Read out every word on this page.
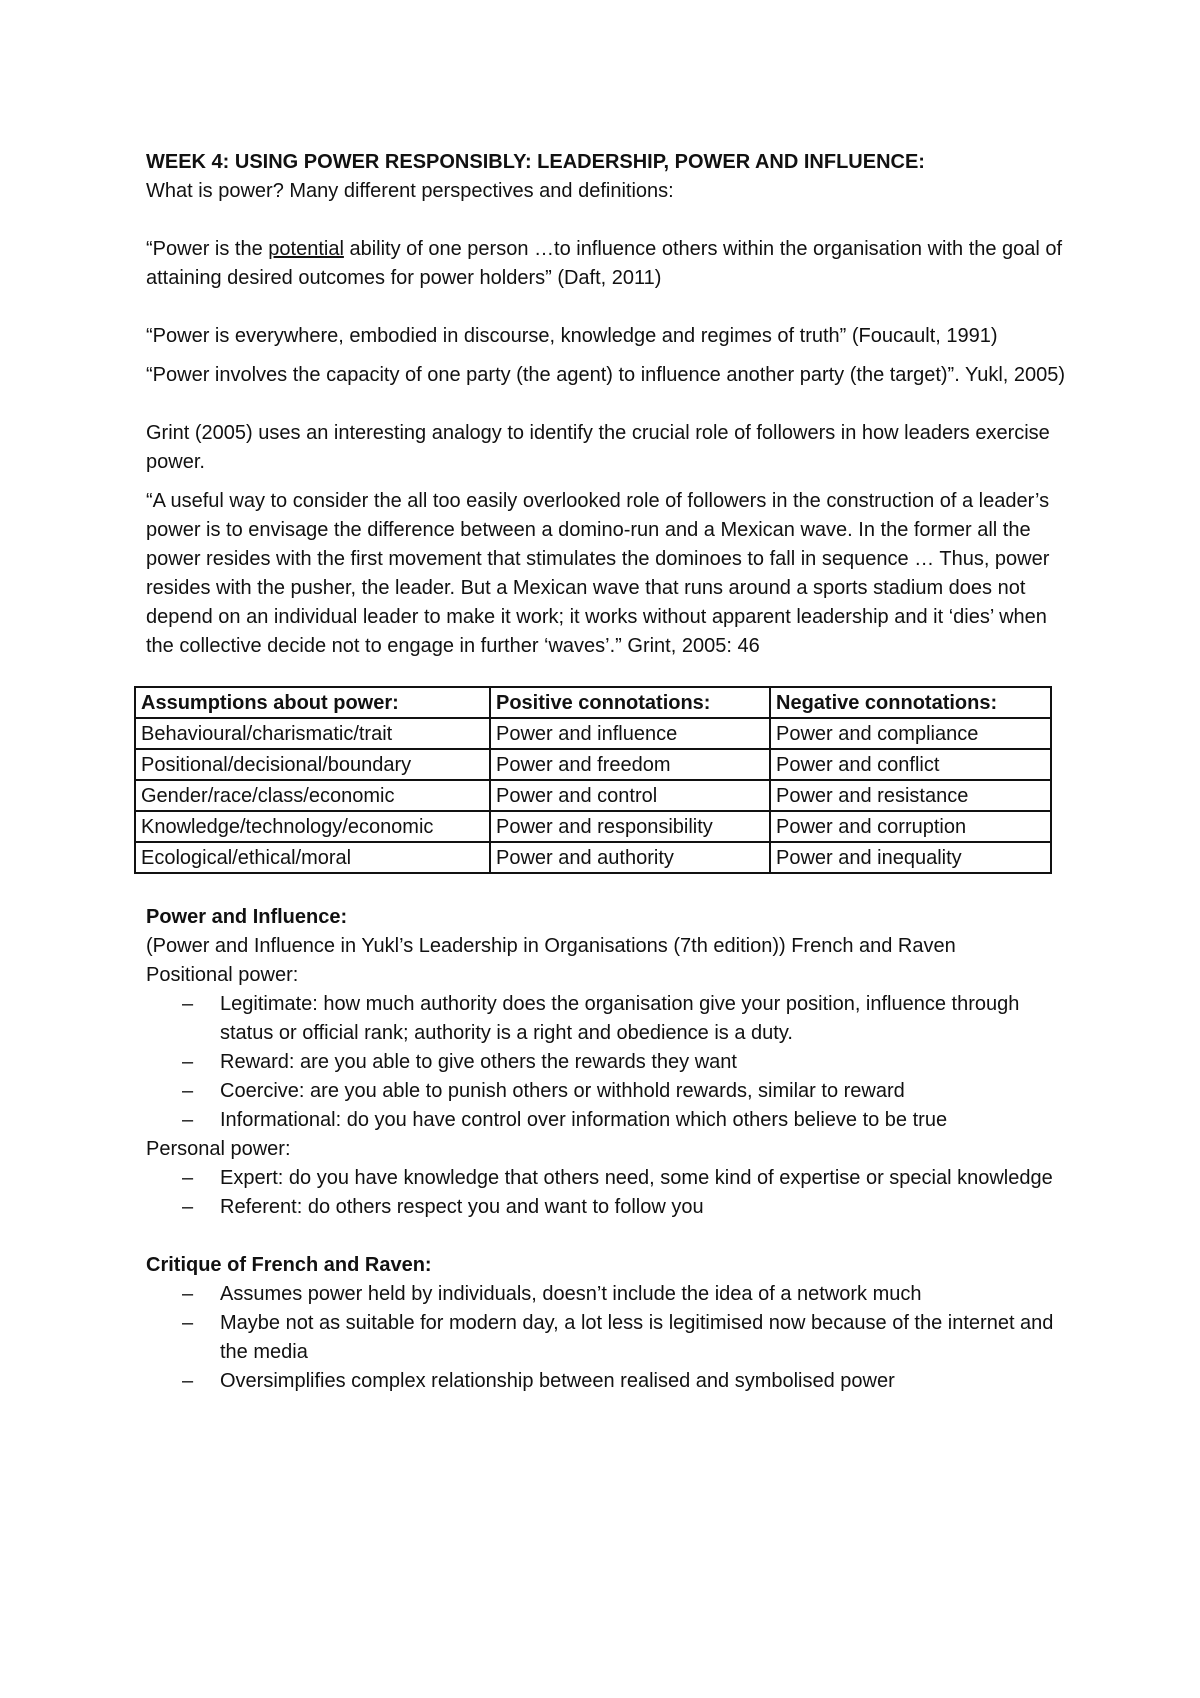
WEEK 4: USING POWER RESPONSIBLY: LEADERSHIP, POWER AND INFLUENCE:

What is power? Many different perspectives and definitions:

“Power is the potential ability of one person …to influence others within the organisation with the goal of attaining desired outcomes for power holders” (Daft, 2011)

“Power is everywhere, embodied in discourse, knowledge and regimes of truth” (Foucault, 1991)

“Power involves the capacity of one party (the agent) to influence another party (the target)”. Yukl, 2005)

Grint (2005) uses an interesting analogy to identify the crucial role of followers in how leaders exercise power.

“A useful way to consider the all too easily overlooked role of followers in the construction of a leader’s power is to envisage the difference between a domino-run and a Mexican wave. In the former all the power resides with the first movement that stimulates the dominoes to fall in sequence … Thus, power resides with the pusher, the leader. But a Mexican wave that runs around a sports stadium does not depend on an individual leader to make it work; it works without apparent leadership and it ‘dies’ when the collective decide not to engage in further ‘waves’.” Grint, 2005: 46

Assumptions about power:	Positive connotations:	Negative connotations:
Behavioural/charismatic/trait	Power and influence	Power and compliance
Positional/decisional/boundary	Power and freedom	Power and conflict
Gender/race/class/economic	Power and control	Power and resistance
Knowledge/technology/economic	Power and responsibility	Power and corruption
Ecological/ethical/moral	Power and authority	Power and inequality

Power and Influence:

(Power and Influence in Yukl’s Leadership in Organisations (7th edition)) French and Raven

Positional power:

– Legitimate: how much authority does the organisation give your position, influence through status or official rank; authority is a right and obedience is a duty.
– Reward: are you able to give others the rewards they want
– Coercive: are you able to punish others or withhold rewards, similar to reward
– Informational: do you have control over information which others believe to be true

Personal power:

– Expert: do you have knowledge that others need, some kind of expertise or special knowledge
– Referent: do others respect you and want to follow you

Critique of French and Raven:

– Assumes power held by individuals, doesn’t include the idea of a network much
– Maybe not as suitable for modern day, a lot less is legitimised now because of the internet and the media
– Oversimplifies complex relationship between realised and symbolised power
